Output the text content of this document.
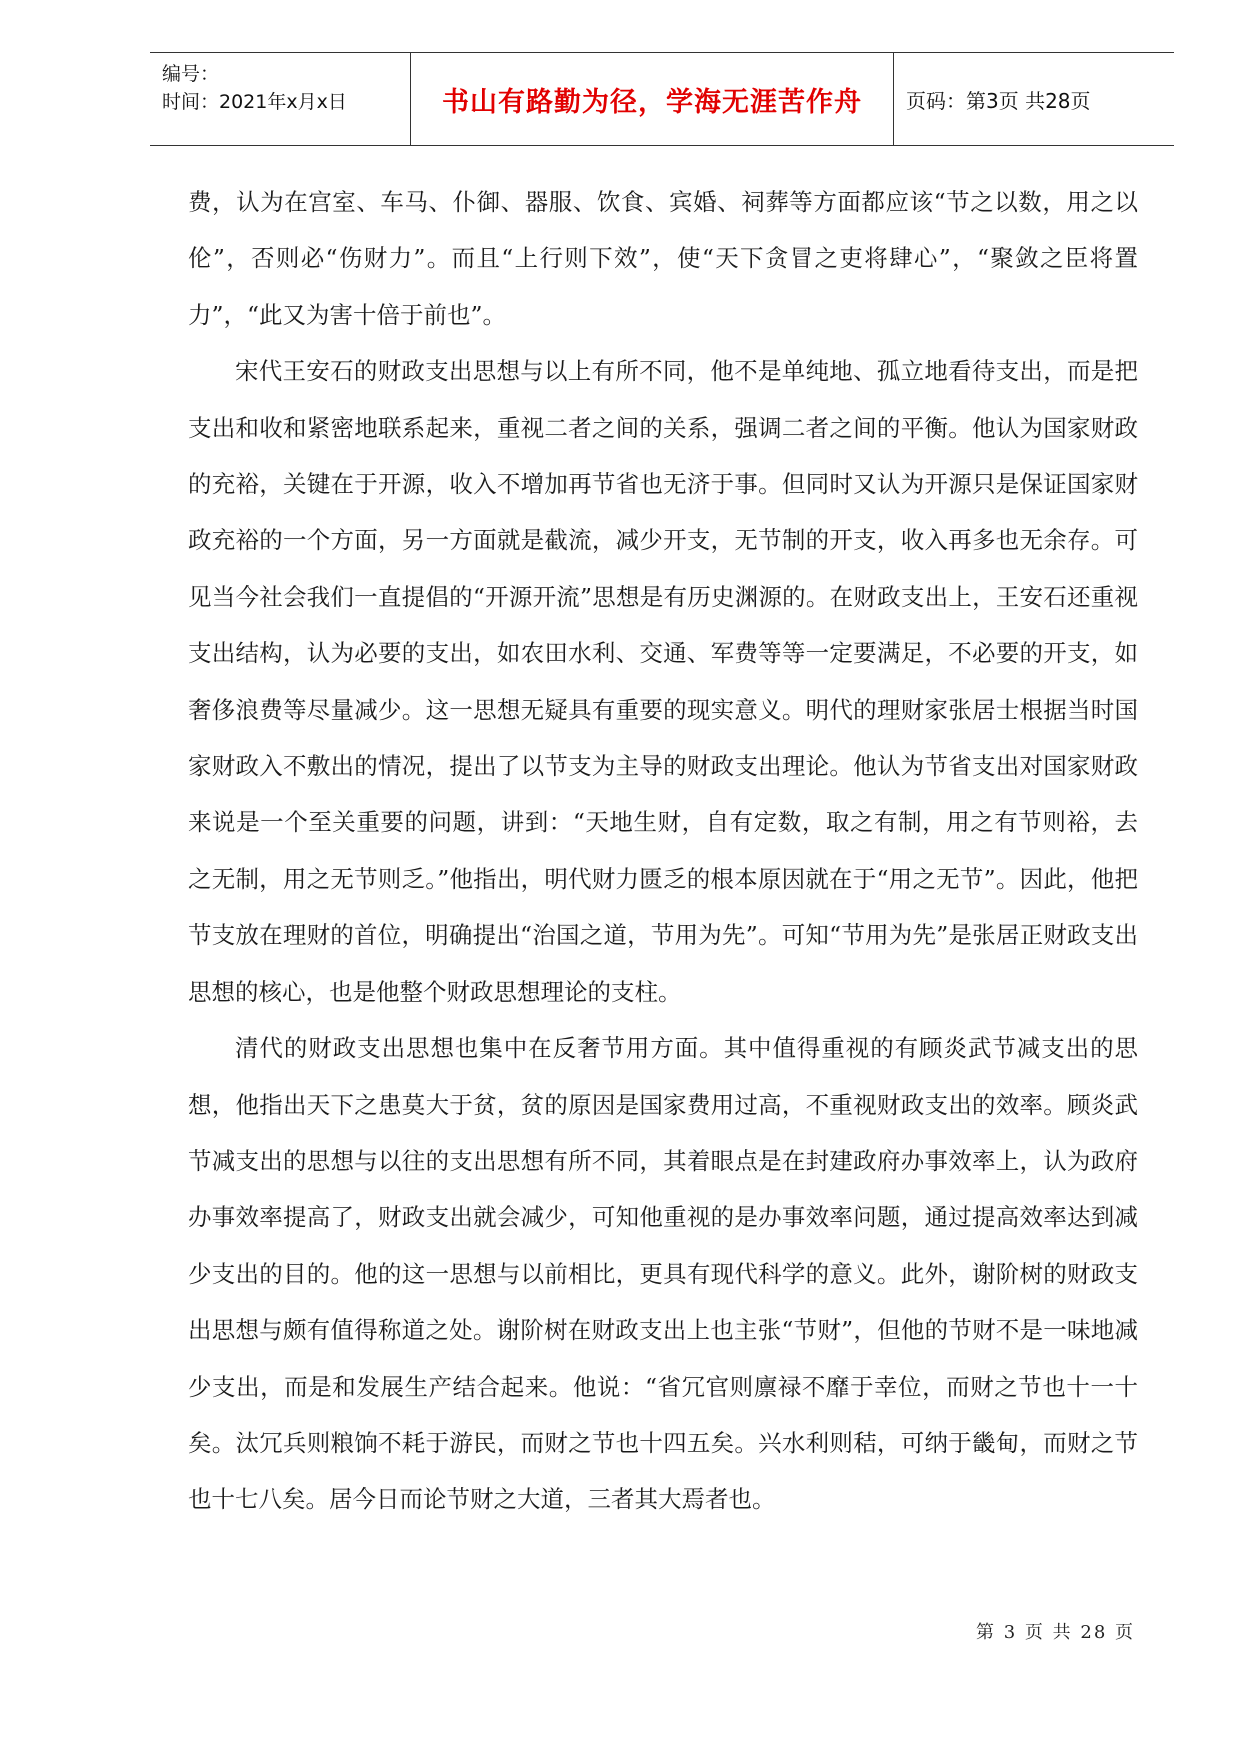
编号：
时间：2021年x月x日	书山有路勤为径，学海无涯苦作舟 页码：第3页 共28页

费，认为在宫室、车马、仆御、器服、饮食、宾婚、祠葬等方面都应该“节之以数，用之以伦”，否则必“伤财力”。而且“上行则下效”，使“天下贪冒之吏将肆心”，“聚敛之臣将置力”，“此又为害十倍于前也”。

宋代王安石的财政支出思想与以上有所不同，他不是单纯地、孤立地看待支出，而是把支出和收和紧密地联系起来，重视二者之间的关系，强调二者之间的平衡。他认为国家财政的充裕，关键在于开源，收入不增加再节省也无济于事。但同时又认为开源只是保证国家财政充裕的一个方面，另一方面就是截流，减少开支，无节制的开支，收入再多也无余存。可见当今社会我们一直提倡的“开源开流”思想是有历史渊源的。在财政支出上，王安石还重视支出结构，认为必要的支出，如农田水利、交通、军费等等一定要满足，不必要的开支，如奢侈浪费等尽量减少。这一思想无疑具有重要的现实意义。明代的理财家张居士根据当时国家财政入不敷出的情况，提出了以节支为主导的财政支出理论。他认为节省支出对国家财政来说是一个至关重要的问题，讲到：“天地生财，自有定数，取之有制，用之有节则裕，去之无制，用之无节则乏。”他指出，明代财力匮乏的根本原因就在于“用之无节”。因此，他把节支放在理财的首位，明确提出“治国之道，节用为先”。可知“节用为先”是张居正财政支出思想的核心，也是他整个财政思想理论的支柱。

清代的财政支出思想也集中在反奢节用方面。其中值得重视的有顾炎武节减支出的思想，他指出天下之患莫大于贫，贫的原因是国家费用过高，不重视财政支出的效率。顾炎武节减支出的思想与以往的支出思想有所不同，其着眼点是在封建政府办事效率上，认为政府办事效率提高了，财政支出就会减少，可知他重视的是办事效率问题，通过提高效率达到减少支出的目的。他的这一思想与以前相比，更具有现代科学的意义。此外，谢阶树的财政支出思想与颇有值得称道之处。谢阶树在财政支出上也主张“节财”，但他的节财不是一味地减少支出，而是和发展生产结合起来。他说：“省冗官则廪禄不靡于幸位，而财之节也十一十矣。汰冗兵则粮饷不耗于游民，而财之节也十四五矣。兴水利则秸，可纳于畿甸，而财之节也十七八矣。居今日而论节财之大道，三者其大焉者也。

第 3 页 共 28 页
